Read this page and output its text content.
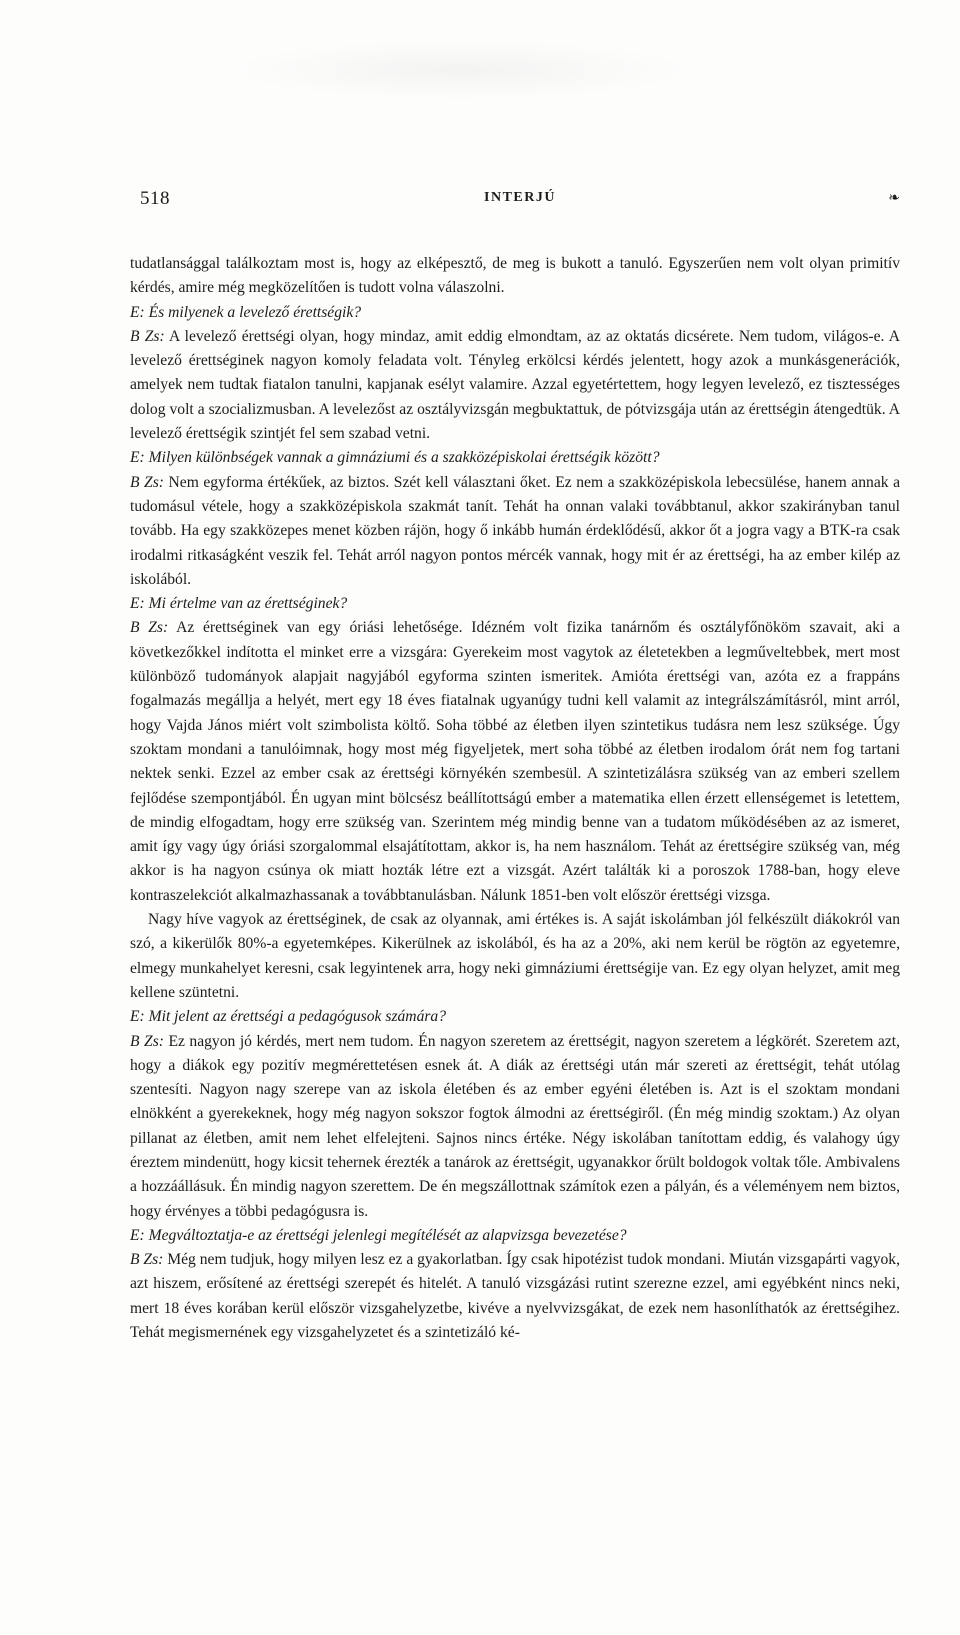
518	INTERJÚ	❧

tudatlansággal találkoztam most is, hogy az elképesztő, de meg is bukott a tanuló. Egyszerűen nem volt olyan primitív kérdés, amire még megközelítően is tudott volna válaszolni.

E: És milyenek a levelező érettségik?

B Zs: A levelező érettségi olyan, hogy mindaz, amit eddig elmondtam, az az oktatás dicsérete. Nem tudom, világos-e. A levelező érettséginek nagyon komoly feladata volt. Tényleg erkölcsi kérdés jelentett, hogy azok a munkásgenerációk, amelyek nem tudtak fiatalon tanulni, kapjanak esélyt valamire. Azzal egyetértettem, hogy legyen levelező, ez tisztességes dolog volt a szocializmusban. A levelezőst az osztályvizsgán megbuktattuk, de pótvizsgája után az érettségin átengedtük. A levelező érettségik szintjét fel sem szabad vetni.

E: Milyen különbségek vannak a gimnáziumi és a szakközépiskolai érettségik között?

B Zs: Nem egyforma értékűek, az biztos. Szét kell választani őket. Ez nem a szakközépiskola lebecsülése, hanem annak a tudomásul vétele, hogy a szakközépiskola szakmát tanít. Tehát ha onnan valaki továbbtanul, akkor szakirányban tanul tovább. Ha egy szakközepes menet közben rájön, hogy ő inkább humán érdeklődésű, akkor őt a jogra vagy a BTK-ra csak irodalmi ritkaságként veszik fel. Tehát arról nagyon pontos mércék vannak, hogy mit ér az érettségi, ha az ember kilép az iskolából.

E: Mi értelme van az érettséginek?

B Zs: Az érettséginek van egy óriási lehetősége. Idézném volt fizika tanárnőm és osztályfőnököm szavait, aki a következőkkel indította el minket erre a vizsgára: Gyerekeim most vagytok az életetekben a legműveltebbek, mert most különböző tudományok alapjait nagyjából egyforma szinten ismeritek. Amióta érettségi van, azóta ez a frappáns fogalmazás megállja a helyét, mert egy 18 éves fiatalnak ugyanúgy tudni kell valamit az integrálszámításról, mint arról, hogy Vajda János miért volt szimbolista költő. Soha többé az életben ilyen szintetikus tudásra nem lesz szüksége. Úgy szoktam mondani a tanulóimnak, hogy most még figyeljetek, mert soha többé az életben irodalom órát nem fog tartani nektek senki. Ezzel az ember csak az érettségi környékén szembesül. A szintetizálásra szükség van az emberi szellem fejlődése szempontjából. Én ugyan mint bölcsész beállítottságú ember a matematika ellen érzett ellenségemet is letettem, de mindig elfogadtam, hogy erre szükség van. Szerintem még mindig benne van a tudatom működésében az az ismeret, amit így vagy úgy óriási szorgalommal elsajátítottam, akkor is, ha nem használom. Tehát az érettségire szükség van, még akkor is ha nagyon csúnya ok miatt hozták létre ezt a vizsgát. Azért találták ki a poroszok 1788-ban, hogy eleve kontraszelekciót alkalmazhassanak a továbbtanulásban. Nálunk 1851-ben volt először érettségi vizsga.

Nagy híve vagyok az érettséginek, de csak az olyannak, ami értékes is. A saját iskolámban jól felkészült diákokról van szó, a kikerülők 80%-a egyetemképes. Kikerülnek az iskolából, és ha az a 20%, aki nem kerül be rögtön az egyetemre, elmegy munkahelyet keresni, csak legyintenek arra, hogy neki gimnáziumi érettségije van. Ez egy olyan helyzet, amit meg kellene szüntetni.

E: Mit jelent az érettségi a pedagógusok számára?

B Zs: Ez nagyon jó kérdés, mert nem tudom. Én nagyon szeretem az érettségit, nagyon szeretem a légkörét. Szeretem azt, hogy a diákok egy pozitív megmérettetésen esnek át. A diák az érettségi után már szereti az érettségit, tehát utólag szentesíti. Nagyon nagy szerepe van az iskola életében és az ember egyéni életében is. Azt is el szoktam mondani elnökként a gyerekeknek, hogy még nagyon sokszor fogtok álmodni az érettségiről. (Én még mindig szoktam.) Az olyan pillanat az életben, amit nem lehet elfelejteni. Sajnos nincs értéke. Négy iskolában tanítottam eddig, és valahogy úgy éreztem mindenütt, hogy kicsit tehernek érezték a tanárok az érettségit, ugyanakkor őrült boldogok voltak tőle. Ambivalens a hozzáállásuk. Én mindig nagyon szerettem. De én megszállottnak számítok ezen a pályán, és a véleményem nem biztos, hogy érvényes a többi pedagógusra is.

E: Megváltoztatja-e az érettségi jelenlegi megítélését az alapvizsga bevezetése?

B Zs: Még nem tudjuk, hogy milyen lesz ez a gyakorlatban. Így csak hipotézist tudok mondani. Miután vizsgapárti vagyok, azt hiszem, erősítené az érettségi szerepét és hitelét. A tanuló vizsgázási rutint szerezne ezzel, ami egyébként nincs neki, mert 18 éves korában kerül először vizsgahelyzetbe, kivéve a nyelvvizsgákat, de ezek nem hasonlíthatók az érettségihez. Tehát megismernének egy vizsgahelyzetet és a szintetizáló ké-
